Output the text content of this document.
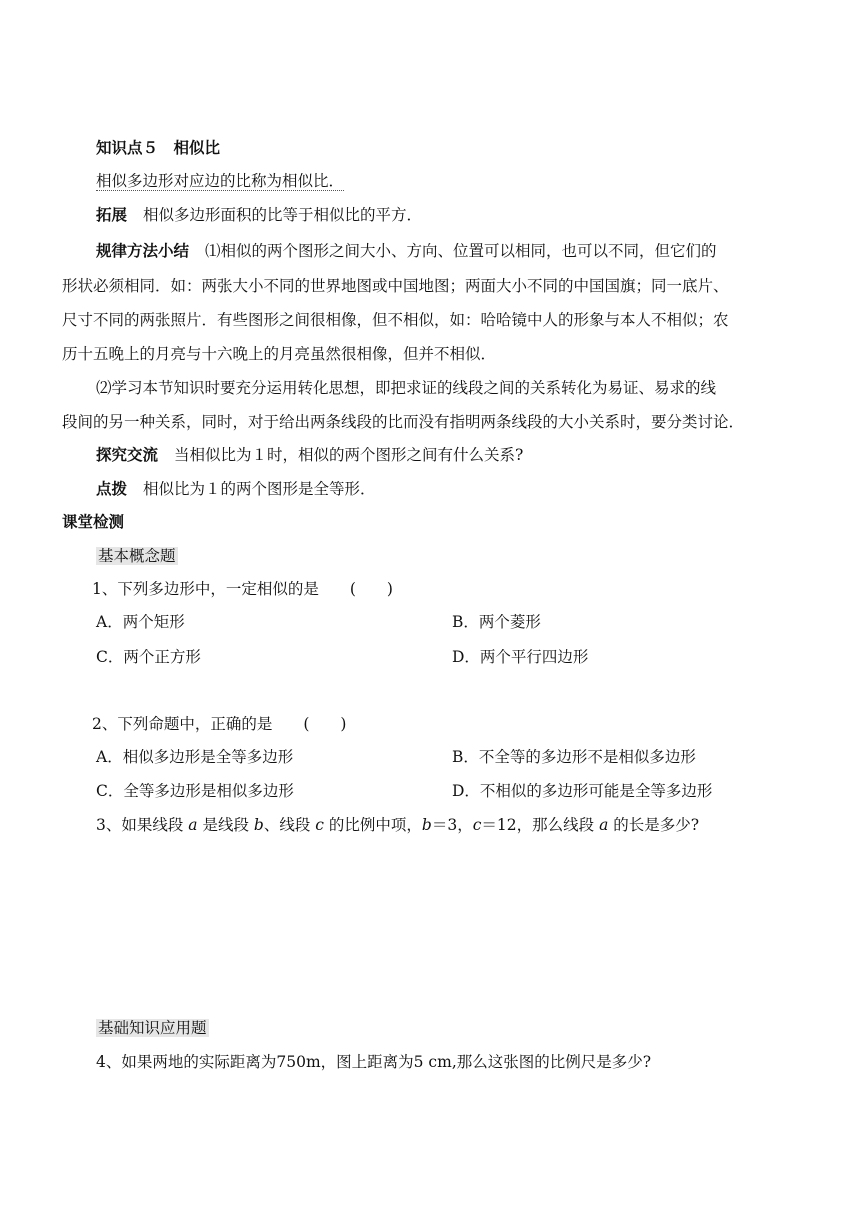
知识点５　相似比
相似多边形对应边的比称为相似比．
拓展 相似多边形面积的比等于相似比的平方．
规律方法小结 ⑴相似的两个图形之间大小、方向、位置可以相同，也可以不同，但它们的
形状必须相同．如：两张大小不同的世界地图或中国地图；两面大小不同的中国国旗；同一底片、
尺寸不同的两张照片．有些图形之间很相像，但不相似，如：哈哈镜中人的形象与本人不相似；农
历十五晚上的月亮与十六晚上的月亮虽然很相像，但并不相似．
⑵学习本节知识时要充分运用转化思想，即把求证的线段之间的关系转化为易证、易求的线
段间的另一种关系，同时，对于给出两条线段的比而没有指明两条线段的大小关系时，要分类讨论．
探究交流 当相似比为１时，相似的两个图形之间有什么关系?
点拨 相似比为１的两个图形是全等形．
课堂检测
基本概念题
1、下列多边形中，一定相似的是　　(　　)
A．两个矩形	B．两个菱形
C．两个正方形	D．两个平行四边形
2、下列命题中，正确的是　　(　　)
A．相似多边形是全等多边形	B．不全等的多边形不是相似多边形
C．全等多边形是相似多边形	D．不相似的多边形可能是全等多边形
3、如果线段 a 是线段 b、线段 c 的比例中项，b＝3，c＝12，那么线段 a 的长是多少?
基础知识应用题
4、如果两地的实际距离为750m，图上距离为5 cm,那么这张图的比例尺是多少?
